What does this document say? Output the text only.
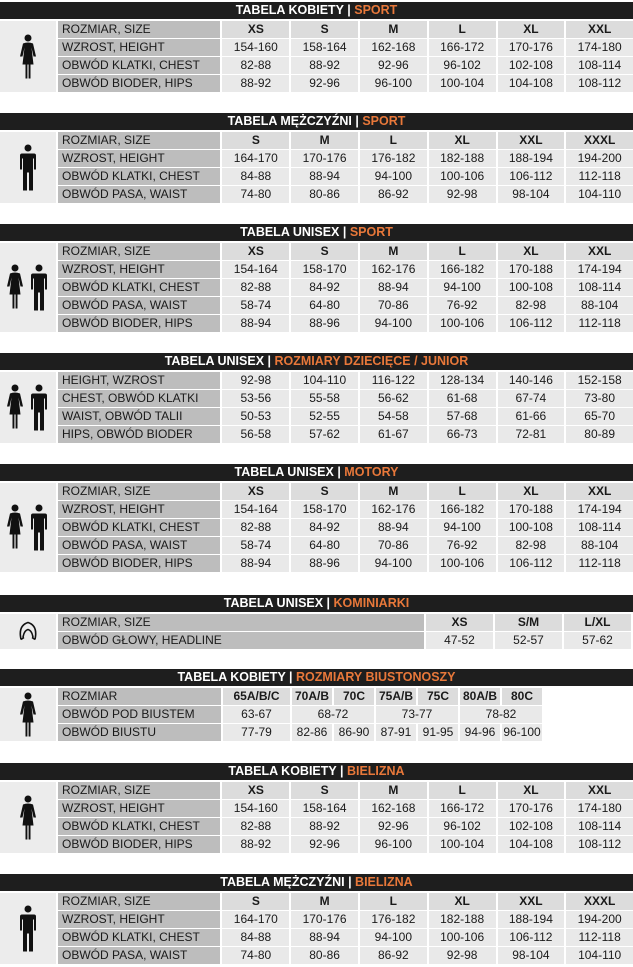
TABELA KOBIETY | SPORT
ROZMIAR, SIZE	XS	S	M	L	XL	XXL
WZROST, HEIGHT	154-160	158-164	162-168	166-172	170-176	174-180
OBWÓD KLATKI, CHEST	82-88	88-92	92-96	96-102	102-108	108-114
OBWÓD BIODER, HIPS	88-92	92-96	96-100	100-104	104-108	108-112
TABELA MĘŻCZYŹNI | SPORT
ROZMIAR, SIZE	S	M	L	XL	XXL	XXXL
WZROST, HEIGHT	164-170	170-176	176-182	182-188	188-194	194-200
OBWÓD KLATKI, CHEST	84-88	88-94	94-100	100-106	106-112	112-118
OBWÓD PASA, WAIST	74-80	80-86	86-92	92-98	98-104	104-110
TABELA UNISEX | SPORT
ROZMIAR, SIZE	XS	S	M	L	XL	XXL
WZROST, HEIGHT	154-164	158-170	162-176	166-182	170-188	174-194
OBWÓD KLATKI, CHEST	82-88	84-92	88-94	94-100	100-108	108-114
OBWÓD PASA, WAIST	58-74	64-80	70-86	76-92	82-98	88-104
OBWÓD BIODER, HIPS	88-94	88-96	94-100	100-106	106-112	112-118
TABELA UNISEX | ROZMIARY DZIECIĘCE / JUNIOR
HEIGHT, WZROST	92-98	104-110	116-122	128-134	140-146	152-158
CHEST, OBWÓD KLATKI	53-56	55-58	56-62	61-68	67-74	73-80
WAIST, OBWÓD TALII	50-53	52-55	54-58	57-68	61-66	65-70
HIPS, OBWÓD BIODER	56-58	57-62	61-67	66-73	72-81	80-89
TABELA UNISEX | MOTORY
ROZMIAR, SIZE	XS	S	M	L	XL	XXL
WZROST, HEIGHT	154-164	158-170	162-176	166-182	170-188	174-194
OBWÓD KLATKI, CHEST	82-88	84-92	88-94	94-100	100-108	108-114
OBWÓD PASA, WAIST	58-74	64-80	70-86	76-92	82-98	88-104
OBWÓD BIODER, HIPS	88-94	88-96	94-100	100-106	106-112	112-118
TABELA UNISEX | KOMINIARKI
ROZMIAR, SIZE	XS	S/M	L/XL
OBWÓD GŁOWY, HEADLINE	47-52	52-57	57-62
TABELA KOBIETY | ROZMIARY BIUSTONOSZY
ROZMIAR	65A/B/C	70A/B	70C	75A/B	75C	80A/B	80C
OBWÓD POD BIUSTEM	63-67	68-72	73-77	78-82
OBWÓD BIUSTU	77-79	82-86 86-90 87-91 91-95 94-96 96-100
TABELA KOBIETY | BIELIZNA
ROZMIAR, SIZE	XS	S	M	L	XL	XXL
WZROST, HEIGHT	154-160	158-164	162-168	166-172	170-176	174-180
OBWÓD KLATKI, CHEST	82-88	88-92	92-96	96-102	102-108	108-114
OBWÓD BIODER, HIPS	88-92	92-96	96-100	100-104	104-108	108-112
TABELA MĘŻCZYŹNI | BIELIZNA
ROZMIAR, SIZE	S	M	L	XL	XXL	XXXL
WZROST, HEIGHT	164-170	170-176	176-182	182-188	188-194	194-200
OBWÓD KLATKI, CHEST	84-88	88-94	94-100	100-106	106-112	112-118
OBWÓD PASA, WAIST	74-80	80-86	86-92	92-98	98-104	104-110
